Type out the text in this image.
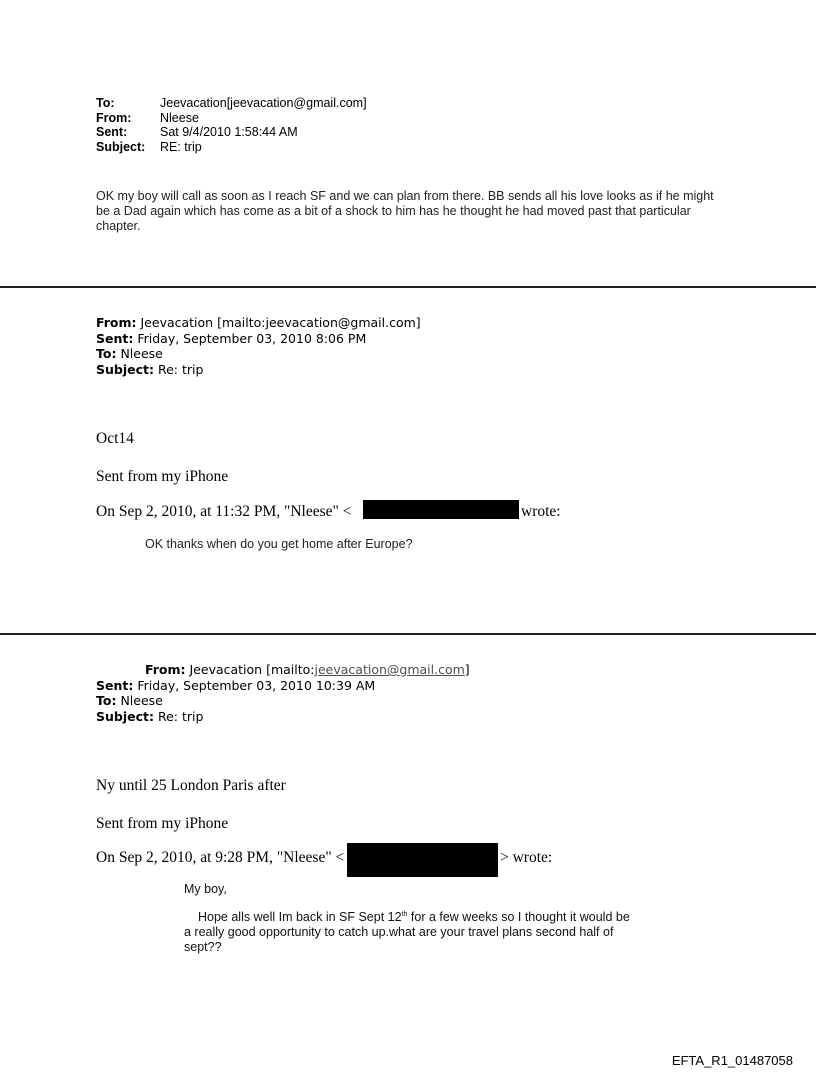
To:	Jeevacation[jeevacation@gmail.com]
From:	Nleese
Sent:	Sat 9/4/2010 1:58:44 AM
Subject:	RE: trip
OK my boy will call as soon as I reach SF and we can plan from there. BB sends all his love looks as if he might be a Dad again which has come as a bit of a shock to him has he thought he had moved past that particular chapter.
From: Jeevacation [mailto:jeevacation@gmail.com]
Sent: Friday, September 03, 2010 8:06 PM
To: Nleese
Subject: Re: trip
Oct14
Sent from my iPhone
On Sep 2, 2010, at 11:32 PM, "Nleese" <	wrote:
OK thanks when do you get home after Europe?
From: Jeevacation [mailto:jeevacation@gmail.com]
Sent: Friday, September 03, 2010 10:39 AM
To: Nleese
Subject: Re: trip
Ny until 25 London Paris after
Sent from my iPhone
On Sep 2, 2010, at 9:28 PM, "Nleese" <	> wrote:

My boy,

Hope alls well Im back in SF Sept 12th for a few weeks so I thought it would be a really good opportunity to catch up.what are your travel plans second half of sept??

EFTA_R1_01487058
